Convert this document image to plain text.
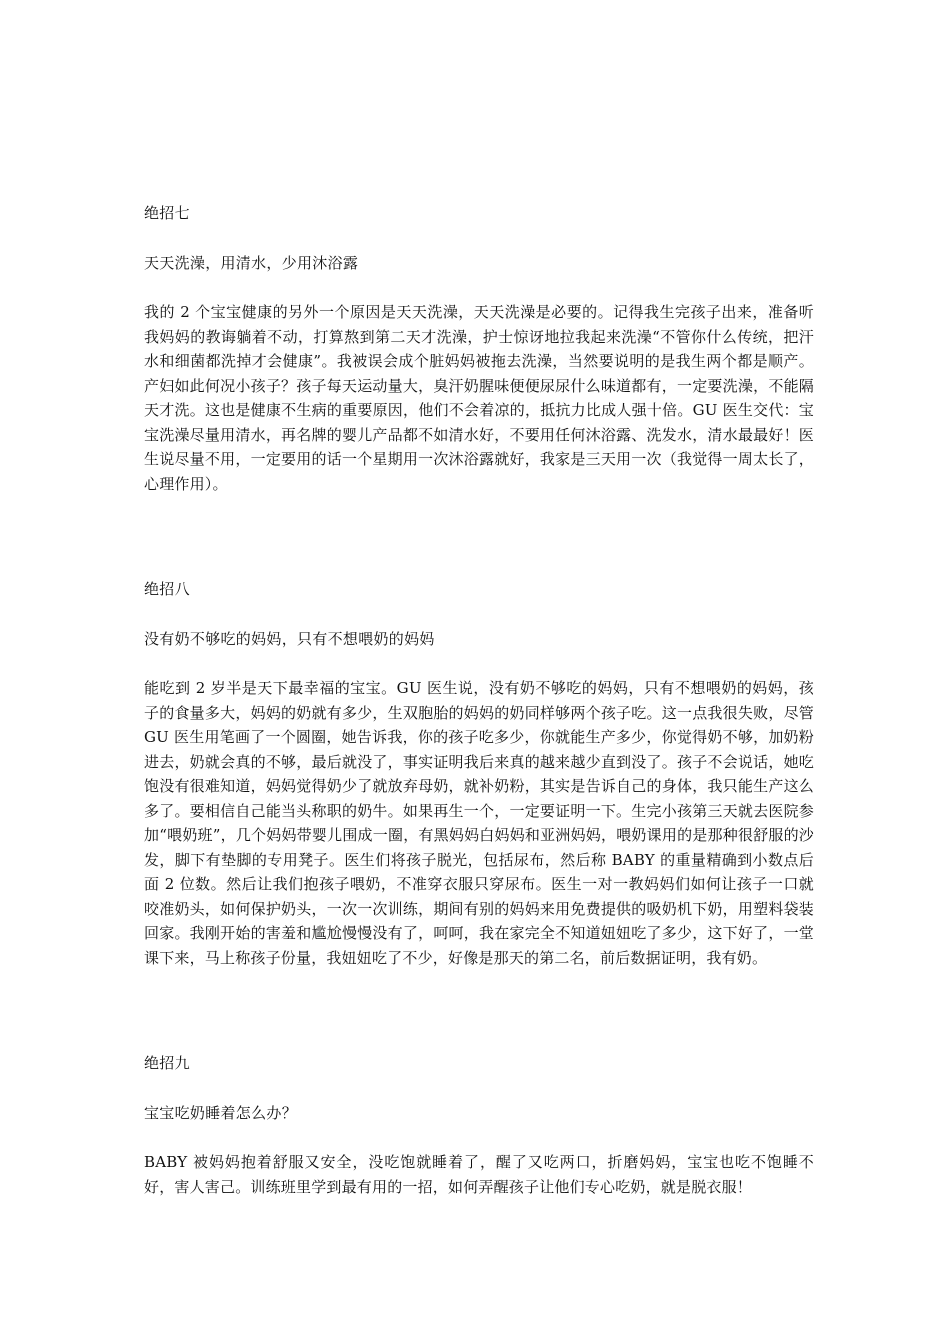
绝招七

天天洗澡，用清水，少用沐浴露

我的 2 个宝宝健康的另外一个原因是天天洗澡，天天洗澡是必要的。记得我生完孩子出来，准备听我妈妈的教诲躺着不动，打算熬到第二天才洗澡，护士惊讶地拉我起来洗澡“不管你什么传统，把汗水和细菌都洗掉才会健康”。我被误会成个脏妈妈被拖去洗澡，当然要说明的是我生两个都是顺产。产妇如此何况小孩子？孩子每天运动量大，臭汗奶腥味便便尿尿什么味道都有，一定要洗澡，不能隔天才洗。这也是健康不生病的重要原因，他们不会着凉的，抵抗力比成人强十倍。GU 医生交代：宝宝洗澡尽量用清水，再名牌的婴儿产品都不如清水好，不要用任何沐浴露、洗发水，清水最最好！医生说尽量不用，一定要用的话一个星期用一次沐浴露就好，我家是三天用一次（我觉得一周太长了，心理作用）。

绝招八

没有奶不够吃的妈妈，只有不想喂奶的妈妈

能吃到 2 岁半是天下最幸福的宝宝。GU 医生说，没有奶不够吃的妈妈，只有不想喂奶的妈妈，孩子的食量多大，妈妈的奶就有多少，生双胞胎的妈妈的奶同样够两个孩子吃。这一点我很失败，尽管 GU 医生用笔画了一个圆圈，她告诉我，你的孩子吃多少，你就能生产多少，你觉得奶不够，加奶粉进去，奶就会真的不够，最后就没了，事实证明我后来真的越来越少直到没了。孩子不会说话，她吃饱没有很难知道，妈妈觉得奶少了就放弃母奶，就补奶粉，其实是告诉自己的身体，我只能生产这么多了。要相信自己能当头称职的奶牛。如果再生一个，一定要证明一下。生完小孩第三天就去医院参加“喂奶班”，几个妈妈带婴儿围成一圈，有黑妈妈白妈妈和亚洲妈妈，喂奶课用的是那种很舒服的沙发，脚下有垫脚的专用凳子。医生们将孩子脱光，包括尿布，然后称 BABY 的重量精确到小数点后面 2 位数。然后让我们抱孩子喂奶，不准穿衣服只穿尿布。医生一对一教妈妈们如何让孩子一口就咬准奶头，如何保护奶头，一次一次训练，期间有别的妈妈来用免费提供的吸奶机下奶，用塑料袋装回家。我刚开始的害羞和尴尬慢慢没有了，呵呵，我在家完全不知道妞妞吃了多少，这下好了，一堂课下来，马上称孩子份量，我妞妞吃了不少，好像是那天的第二名，前后数据证明，我有奶。

绝招九

宝宝吃奶睡着怎么办？

BABY 被妈妈抱着舒服又安全，没吃饱就睡着了，醒了又吃两口，折磨妈妈，宝宝也吃不饱睡不好，害人害己。训练班里学到最有用的一招，如何弄醒孩子让他们专心吃奶，就是脱衣服！
